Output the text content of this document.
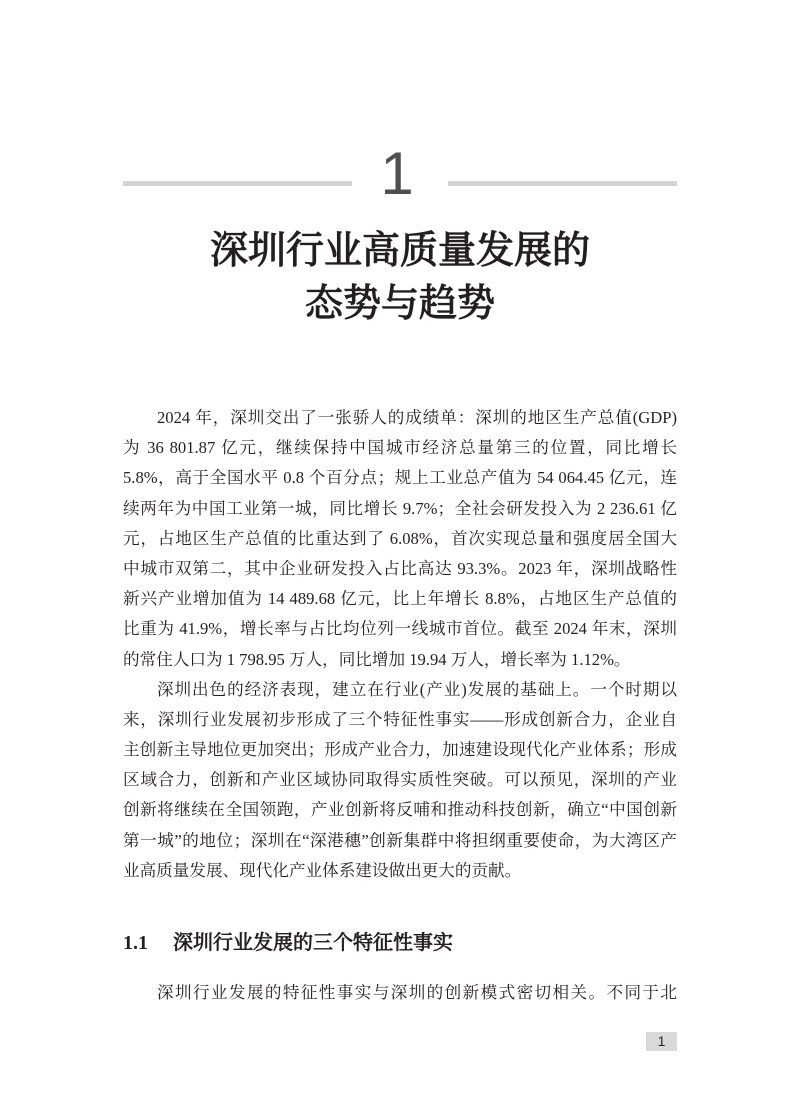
1
深圳行业高质量发展的
态势与趋势
2024 年，深圳交出了一张骄人的成绩单：深圳的地区生产总值(GDP)
为 36 801.87 亿元，继续保持中国城市经济总量第三的位置，同比增长
5.8%，高于全国水平 0.8 个百分点；规上工业总产值为 54 064.45 亿元，连
续两年为中国工业第一城，同比增长 9.7%；全社会研发投入为 2 236.61 亿
元，占地区生产总值的比重达到了 6.08%，首次实现总量和强度居全国大
中城市双第二，其中企业研发投入占比高达 93.3%。2023 年，深圳战略性
新兴产业增加值为 14 489.68 亿元，比上年增长 8.8%，占地区生产总值的
比重为 41.9%，增长率与占比均位列一线城市首位。截至 2024 年末，深圳
的常住人口为 1 798.95 万人，同比增加 19.94 万人，增长率为 1.12%。
深圳出色的经济表现，建立在行业(产业)发展的基础上。一个时期以
来，深圳行业发展初步形成了三个特征性事实——形成创新合力，企业自
主创新主导地位更加突出；形成产业合力，加速建设现代化产业体系；形成
区域合力，创新和产业区域协同取得实质性突破。可以预见，深圳的产业
创新将继续在全国领跑，产业创新将反哺和推动科技创新，确立“中国创新
第一城”的地位；深圳在“深港穗”创新集群中将担纲重要使命，为大湾区产
业高质量发展、现代化产业体系建设做出更大的贡献。
1.1 深圳行业发展的三个特征性事实
深圳行业发展的特征性事实与深圳的创新模式密切相关。不同于北
1
